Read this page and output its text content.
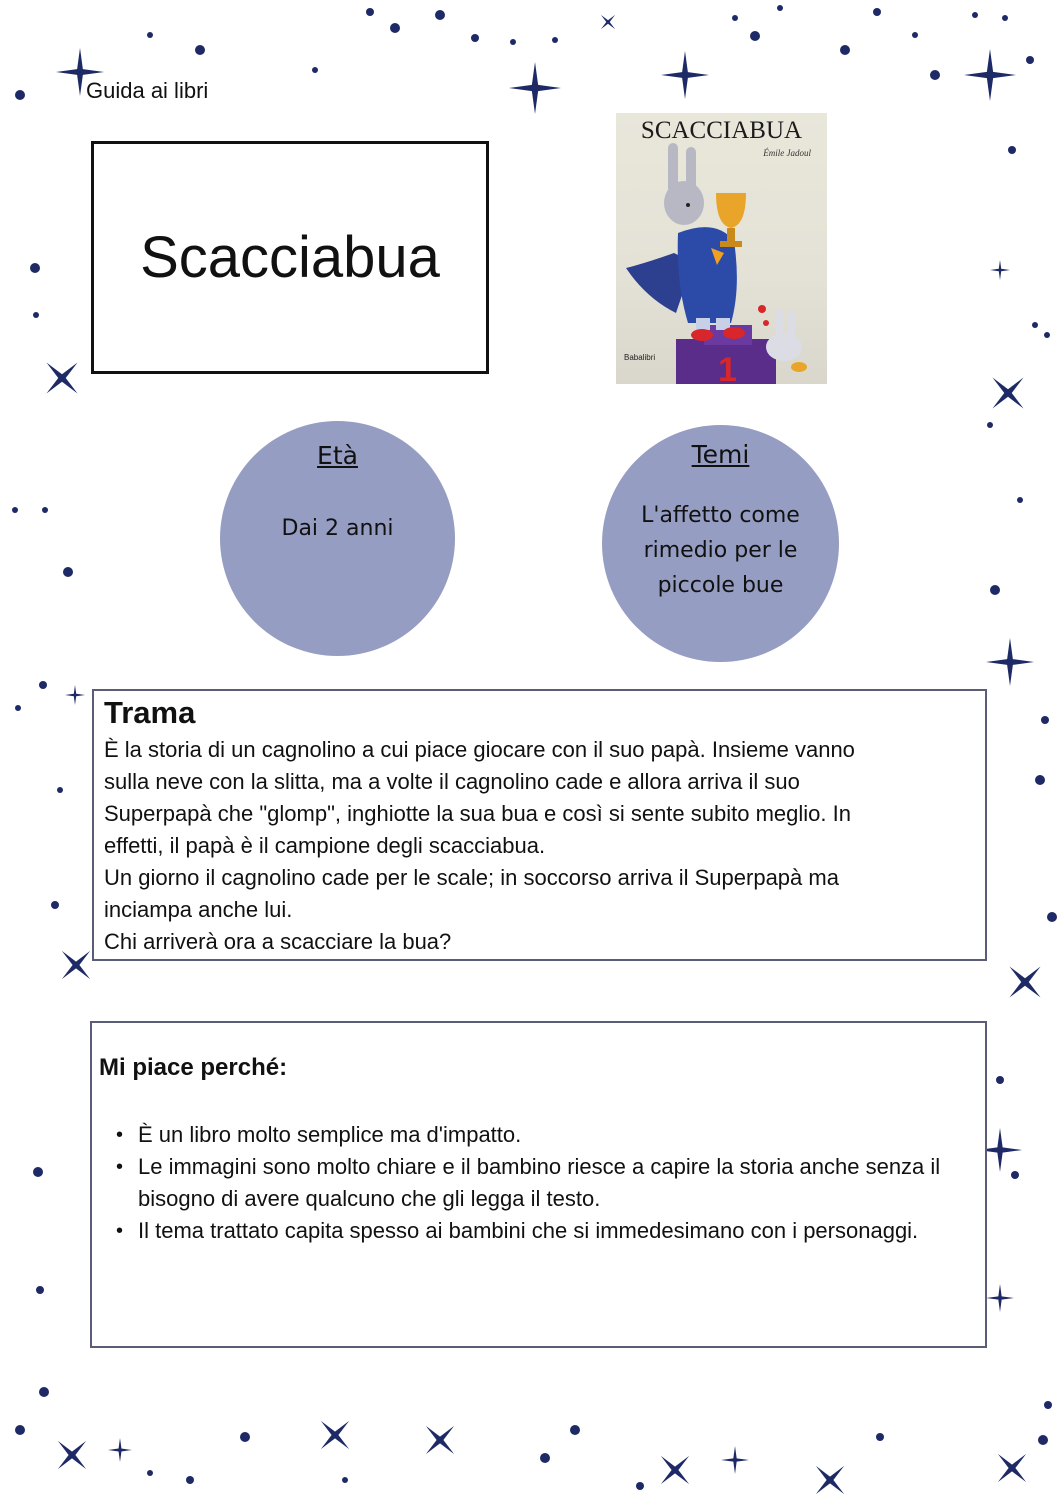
Guida ai libri
Scacciabua
1
SCACCIABUA
Émile Jadoul
Babalibri
Età
Dai 2 anni
Temi
L'affetto come
rimedio per le
piccole bue
Trama
È la storia di un cagnolino a cui piace giocare con il suo papà. Insieme vanno
sulla neve con la slitta, ma a volte il cagnolino cade e allora arriva il suo
Superpapà che "glomp", inghiotte la sua bua e così si sente subito meglio. In
effetti, il papà è il campione degli scacciabua.
Un giorno il cagnolino cade per le scale; in soccorso arriva il Superpapà ma
inciampa anche lui.
Chi arriverà ora a scacciare la bua?
Mi piace perché:
• È un libro molto semplice ma d'impatto.
• Le immagini sono molto chiare e il bambino riesce a capire la storia anche senza il bisogno di avere qualcuno che gli legga il testo.
• Il tema trattato capita spesso ai bambini che si immedesimano con i personaggi.
